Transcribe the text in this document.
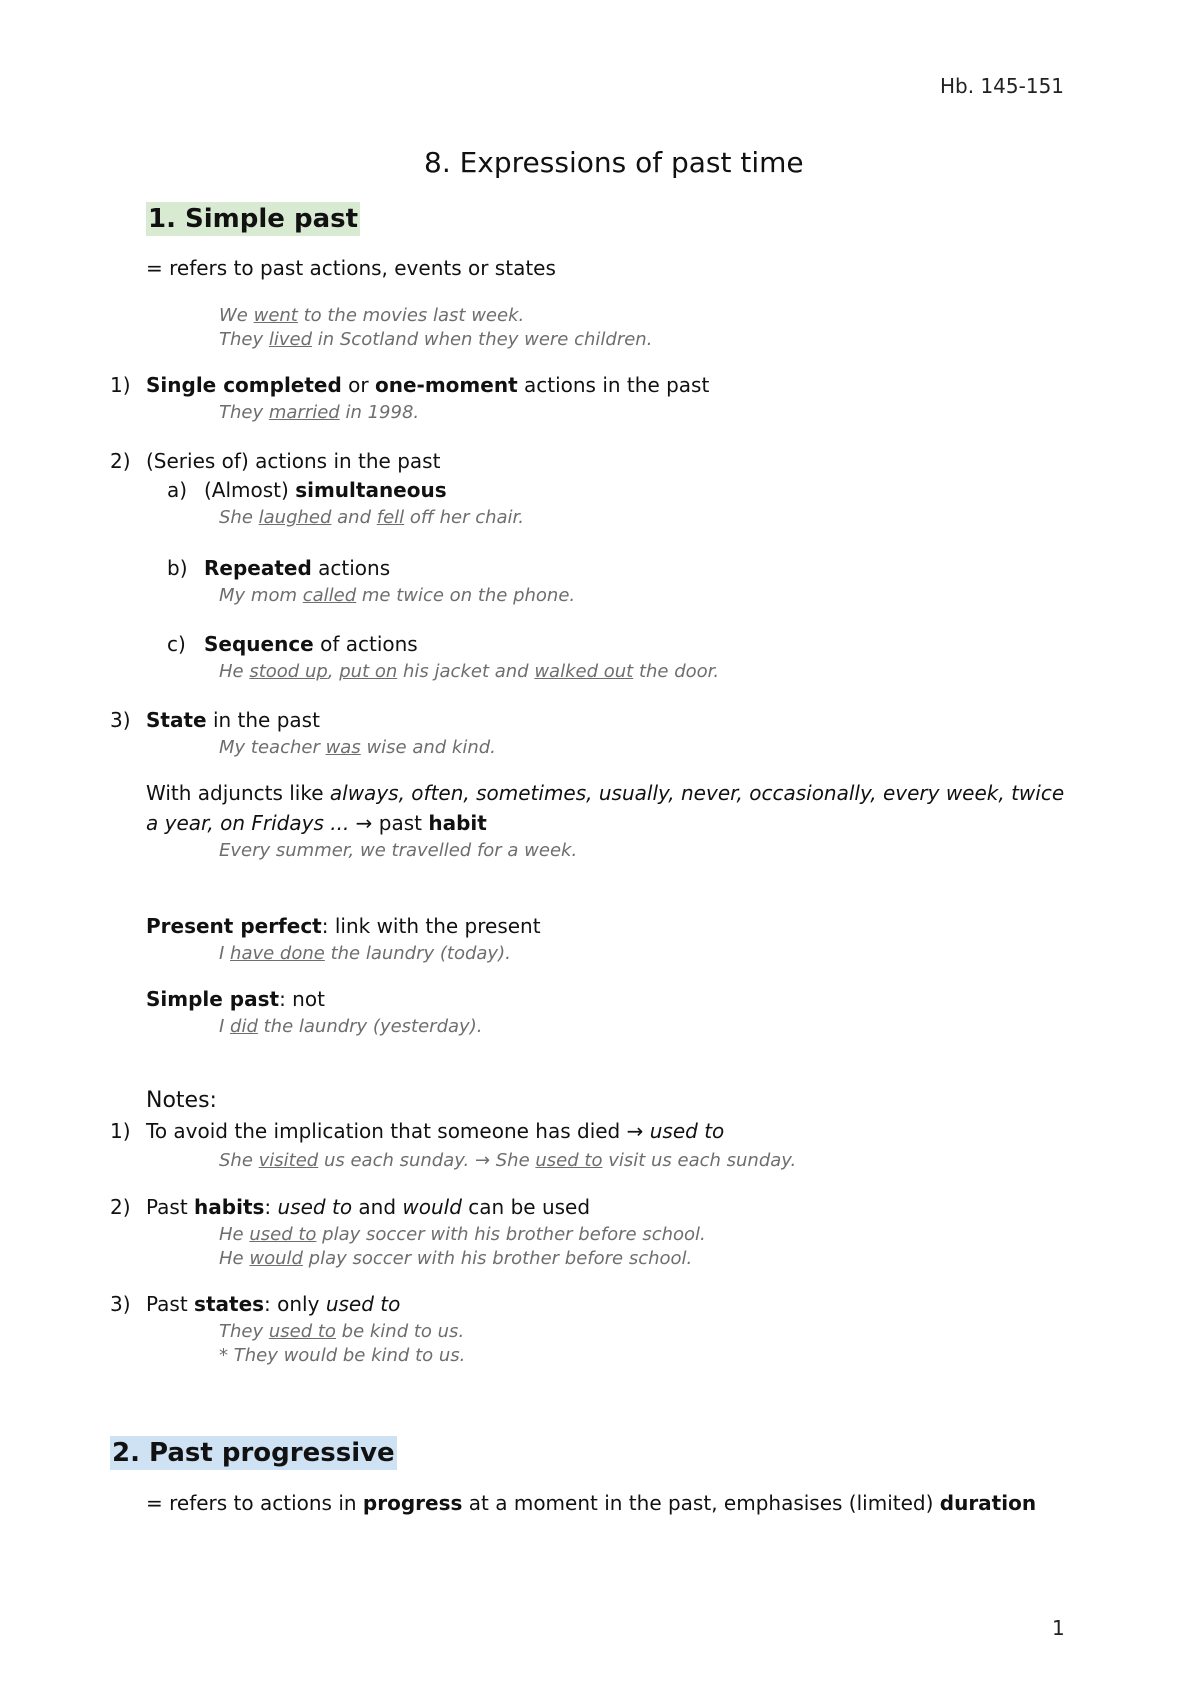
Hb. 145-151
8. Expressions of past time
1. Simple past
= refers to past actions, events or states
We went to the movies last week.
They lived in Scotland when they were children.
1) Single completed or one-moment actions in the past
They married in 1998.
2) (Series of) actions in the past
a) (Almost) simultaneous
She laughed and fell off her chair.
b) Repeated actions
My mom called me twice on the phone.
c) Sequence of actions
He stood up, put on his jacket and walked out the door.
3) State in the past
My teacher was wise and kind.
With adjuncts like always, often, sometimes, usually, never, occasionally, every week, twice
a year, on Fridays ... → past habit
Every summer, we travelled for a week.
Present perfect: link with the present
I have done the laundry (today).
Simple past: not
I did the laundry (yesterday).
Notes:
1) To avoid the implication that someone has died → used to
She visited us each sunday. → She used to visit us each sunday.
2) Past habits: used to and would can be used
He used to play soccer with his brother before school.
He would play soccer with his brother before school.
3) Past states: only used to
They used to be kind to us.
* They would be kind to us.
2. Past progressive
= refers to actions in progress at a moment in the past, emphasises (limited) duration
1
